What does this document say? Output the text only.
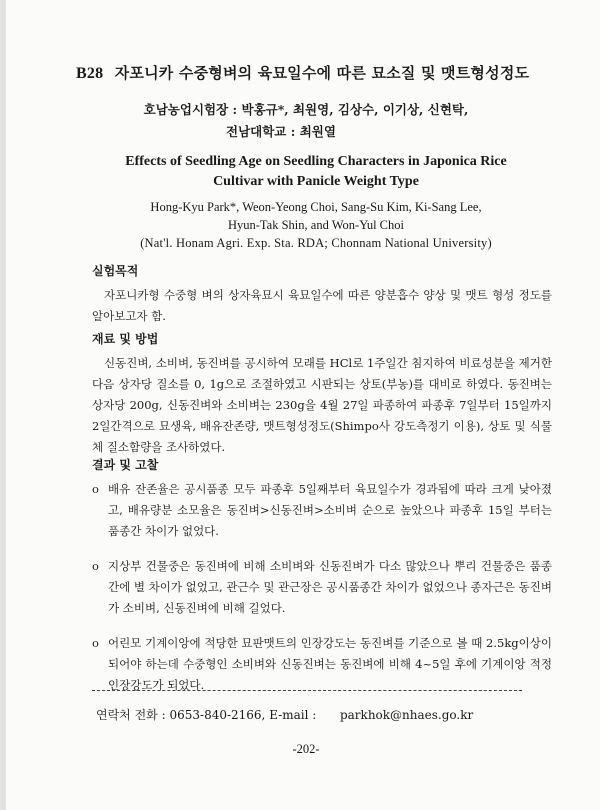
B28 자포니카 수중형벼의 육묘일수에 따른 묘소질 및 맷트형성정도
호남농업시험장 : 박홍규*, 최원영, 김상수, 이기상, 신현탁,
전남대학교 : 최원열
Effects of Seedling Age on Seedling Characters in Japonica Rice
Cultivar with Panicle Weight Type
Hong-Kyu Park*, Weon-Yeong Choi, Sang-Su Kim, Ki-Sang Lee,
Hyun-Tak Shin, and Won-Yul Choi
(Nat'l. Honam Agri. Exp. Sta. RDA; Chonnam National University)
실험목적

자포니카형 수중형 벼의 상자육묘시 육묘일수에 따른 양분흡수 양상 및 맷트 형성 정도를 알아보고자 함.

재료 및 방법

신동진벼, 소비벼, 동진벼를 공시하여 모래를 HCl로 1주일간 침지하여 비료성분을 제거한 다음 상자당 질소를 0, 1g으로 조절하였고 시판되는 상토(부농)를 대비로 하였다. 동진벼는 상자당 200g, 신동진벼와 소비벼는 230g을 4월 27일 파종하여 파종후 7일부터 15일까지 2일간격으로 묘생육, 배유잔존량, 맷트형성정도(Shimpo사 강도측정기 이용), 상토 및 식물체 질소함량을 조사하였다.

결과 및 고찰

o 배유 잔존율은 공시품종 모두 파종후 5일째부터 육묘일수가 경과됨에 따라 크게 낮아졌고, 배유량분 소모율은 동진벼>신동진벼>소비벼 순으로 높았으나 파종후 15일 부터는 품종간 차이가 없었다.

o 지상부 건물중은 동진벼에 비해 소비벼와 신동진벼가 다소 많았으나 뿌리 건물중은 품종간에 별 차이가 없었고, 관근수 및 관근장은 공시품종간 차이가 없었으나 종자근은 동진벼가 소비벼, 신동진벼에 비해 길었다.

o 어린모 기계이앙에 적당한 묘판맷트의 인장강도는 동진벼를 기준으로 볼 때 2.5kg이상이 되어야 하는데 수중형인 소비벼와 신동진벼는 동진벼에 비해 4~5일 후에 기계이앙 적정 인장강도가 되었다.

연락처 전화 : 0653-840-2166, E-mail : parkhok@nhaes.go.kr
-202-
